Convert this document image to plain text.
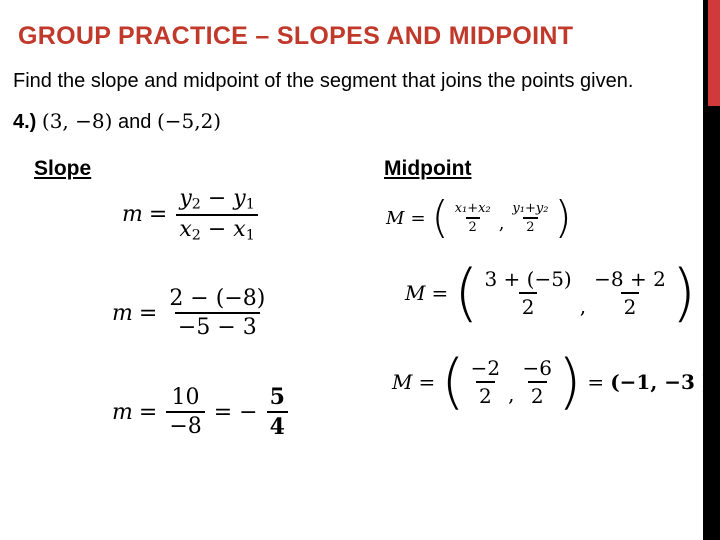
GROUP PRACTICE – SLOPES AND MIDPOINT
Find the slope and midpoint of the segment that joins the points given.
4.) (3, −8) and (−5,2)
Slope
$m = \frac{y_2 - y_1}{x_2 - x_1}$
$m = \frac{2 - (-8)}{-5 - 3}$
$m = \frac{10}{-8}$ = − $\frac{5}{4}$
Midpoint
M = ( $\frac{\text{x₁+x₂}}{2}$ , $\frac{\text{y₁+y₂}}{2}$ )
M = ( $\frac{3 + (-5)}{2}$ , $\frac{-8 + 2}{2}$ )
M = ( $\frac{-2}{2}$ , $\frac{-6}{2}$ ) = (−1, −3 )
